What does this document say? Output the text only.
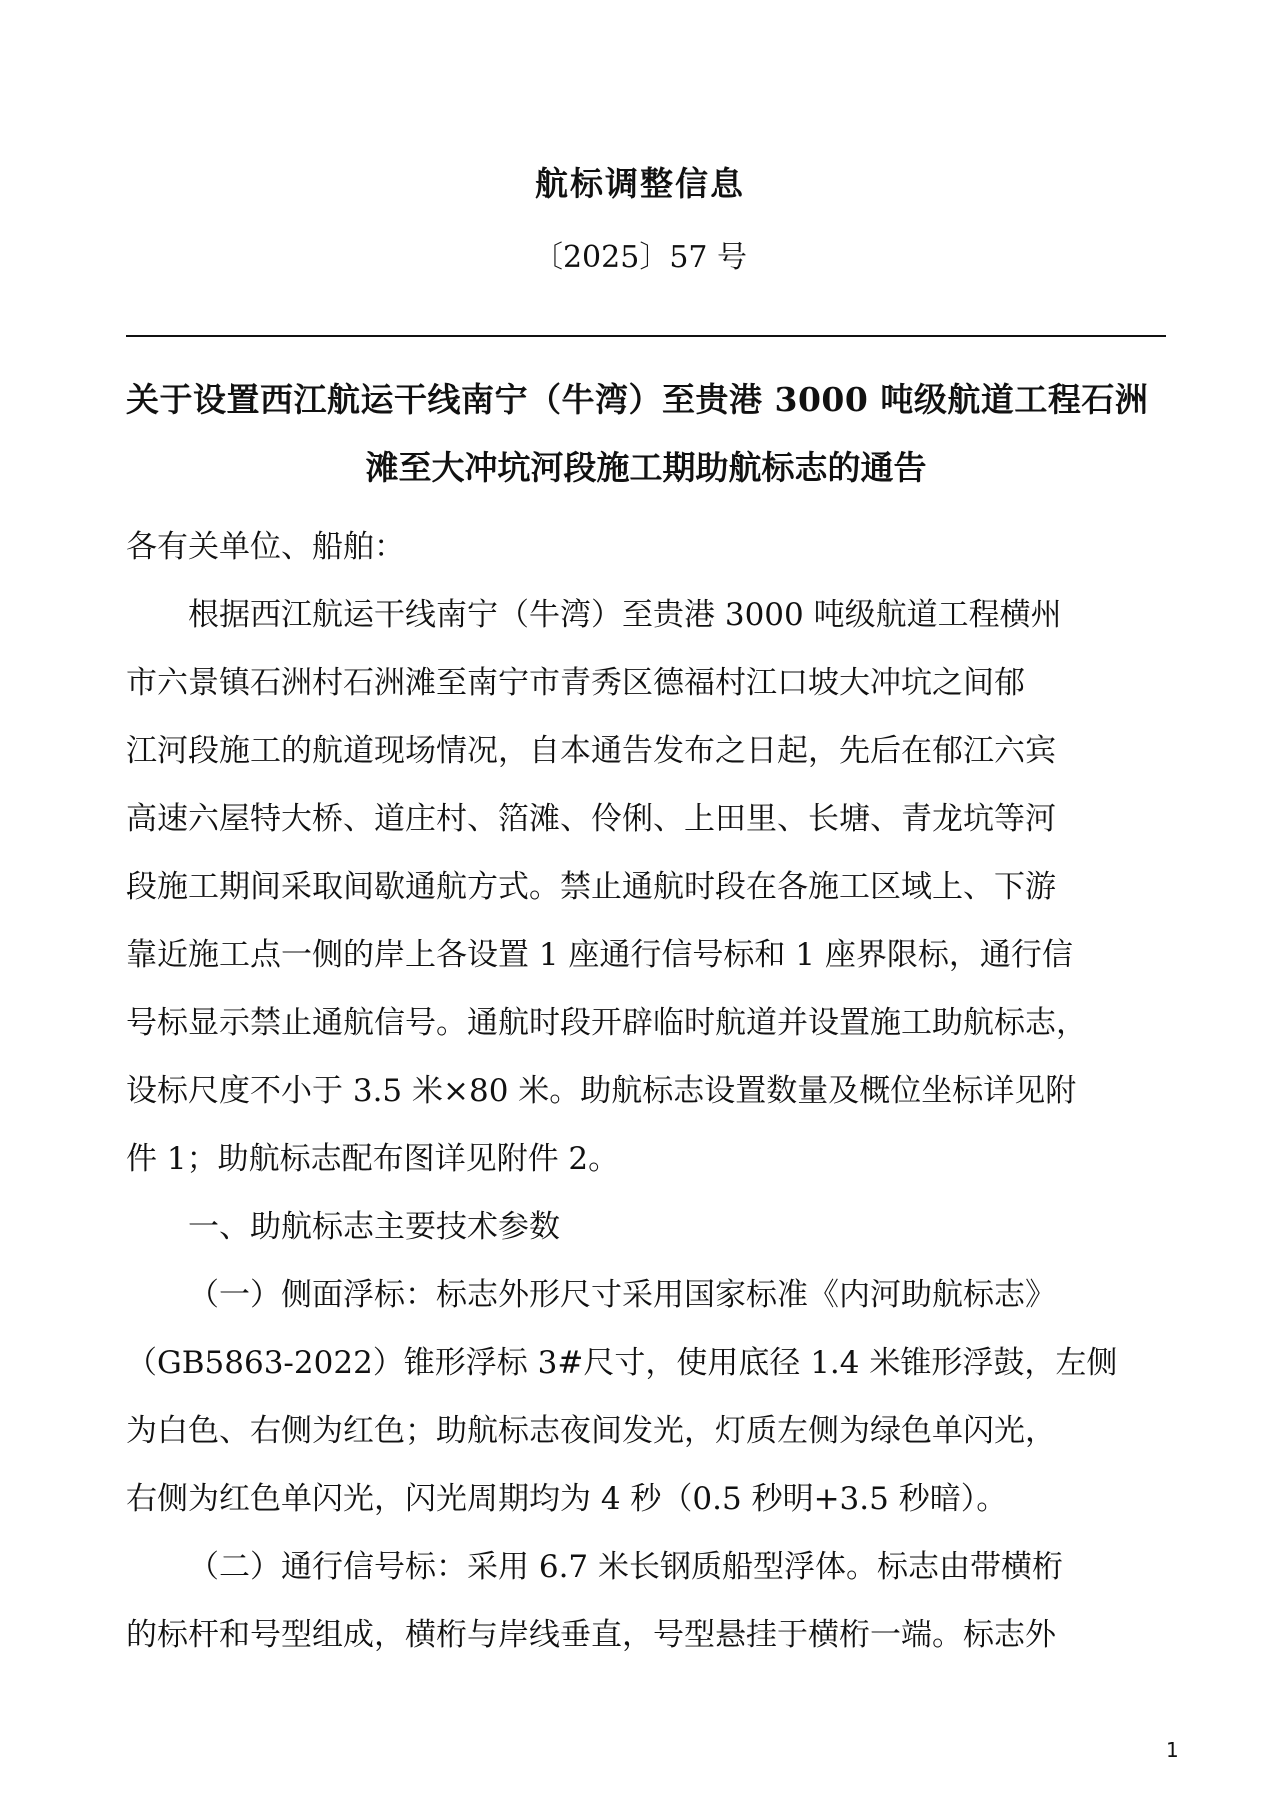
航标调整信息
〔2025〕57 号
关于设置西江航运干线南宁（牛湾）至贵港 3000 吨级航道工程石洲
滩至大冲坑河段施工期助航标志的通告
各有关单位、船舶：
根据西江航运干线南宁（牛湾）至贵港 3000 吨级航道工程横州
市六景镇石洲村石洲滩至南宁市青秀区德福村江口坡大冲坑之间郁
江河段施工的航道现场情况，自本通告发布之日起，先后在郁江六宾
高速六屋特大桥、道庄村、箔滩、伶俐、上田里、长塘、青龙坑等河
段施工期间采取间歇通航方式。禁止通航时段在各施工区域上、下游
靠近施工点一侧的岸上各设置 1 座通行信号标和 1 座界限标，通行信
号标显示禁止通航信号。通航时段开辟临时航道并设置施工助航标志，
设标尺度不小于 3.5 米×80 米。助航标志设置数量及概位坐标详见附
件 1；助航标志配布图详见附件 2。
一、助航标志主要技术参数
（一）侧面浮标：标志外形尺寸采用国家标准《内河助航标志》
（GB5863-2022）锥形浮标 3#尺寸，使用底径 1.4 米锥形浮鼓，左侧
为白色、右侧为红色；助航标志夜间发光，灯质左侧为绿色单闪光，
右侧为红色单闪光，闪光周期均为 4 秒（0.5 秒明+3.5 秒暗）。
（二）通行信号标：采用 6.7 米长钢质船型浮体。标志由带横桁
的标杆和号型组成，横桁与岸线垂直，号型悬挂于横桁一端。标志外
1
